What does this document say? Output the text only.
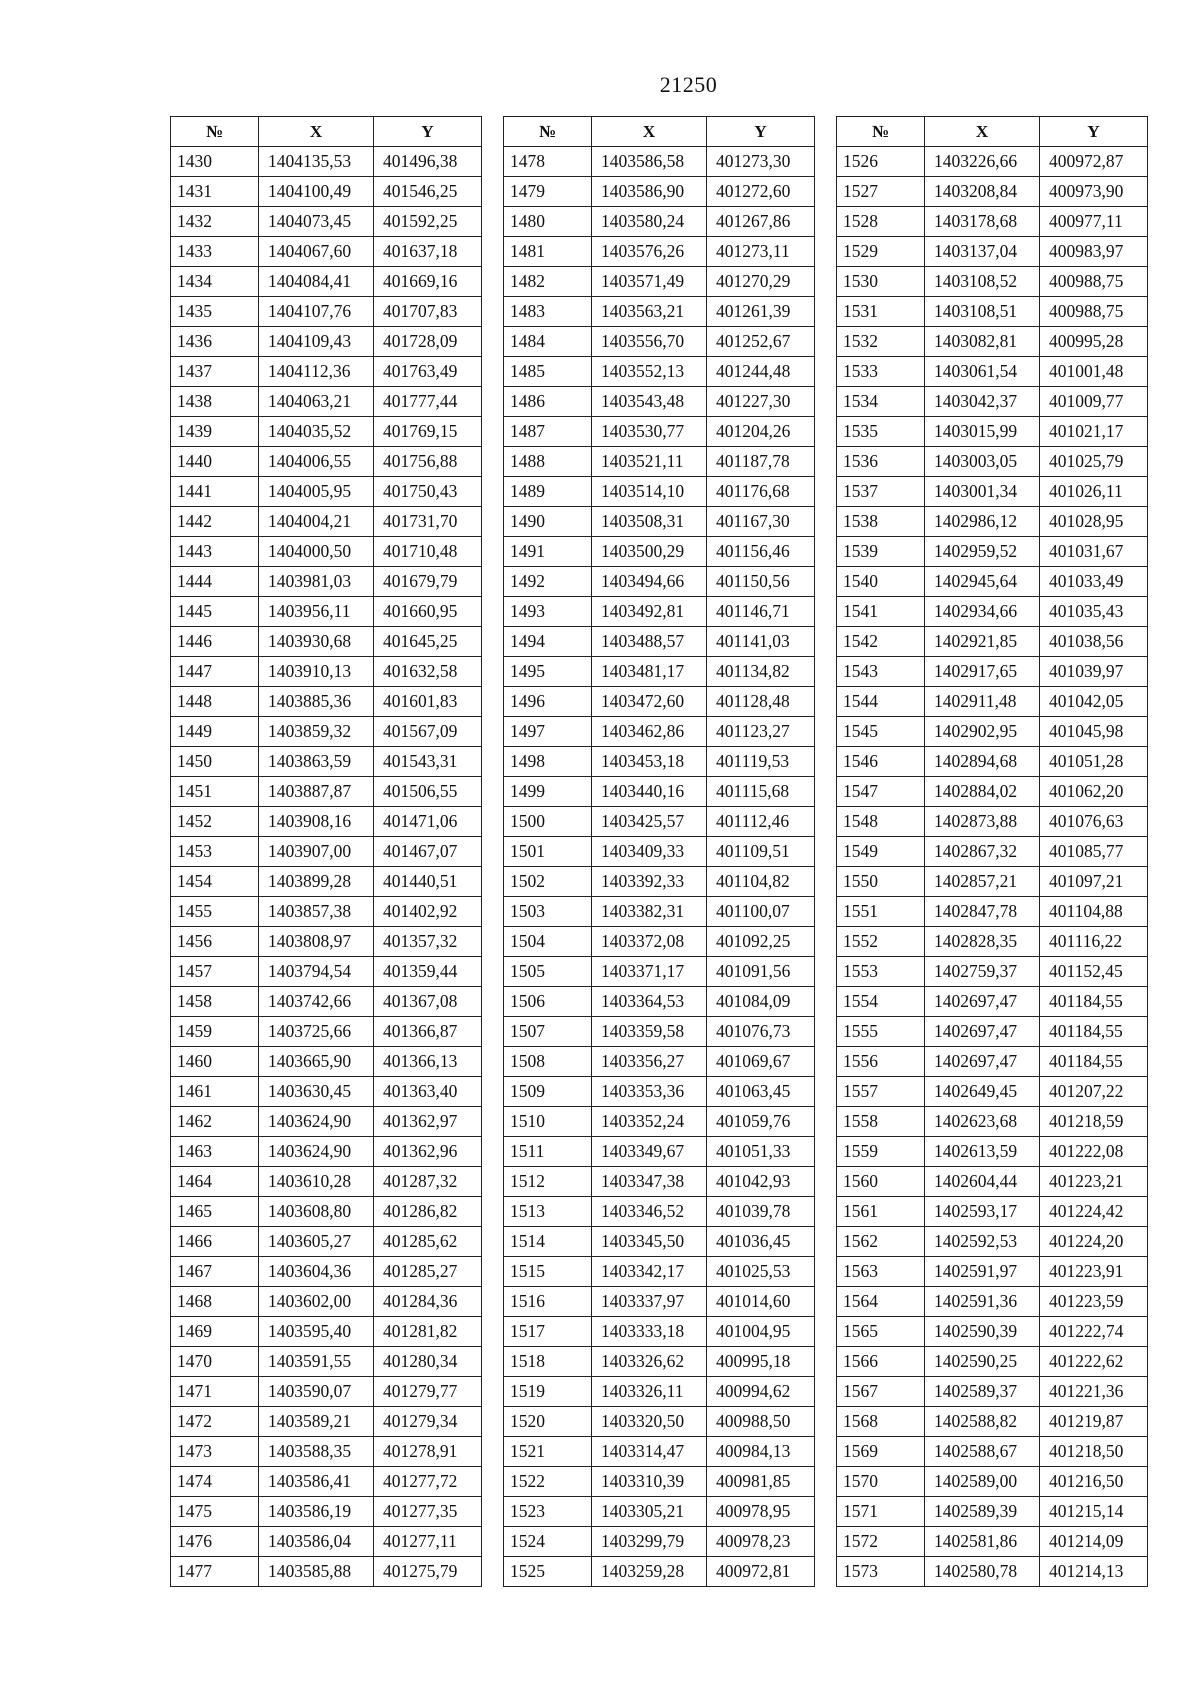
21250
№	X	Y
1430	1404135,53	401496,38
1431	1404100,49	401546,25
1432	1404073,45	401592,25
1433	1404067,60	401637,18
1434	1404084,41	401669,16
1435	1404107,76	401707,83
1436	1404109,43	401728,09
1437	1404112,36	401763,49
1438	1404063,21	401777,44
1439	1404035,52	401769,15
1440	1404006,55	401756,88
1441	1404005,95	401750,43
1442	1404004,21	401731,70
1443	1404000,50	401710,48
1444	1403981,03	401679,79
1445	1403956,11	401660,95
1446	1403930,68	401645,25
1447	1403910,13	401632,58
1448	1403885,36	401601,83
1449	1403859,32	401567,09
1450	1403863,59	401543,31
1451	1403887,87	401506,55
1452	1403908,16	401471,06
1453	1403907,00	401467,07
1454	1403899,28	401440,51
1455	1403857,38	401402,92
1456	1403808,97	401357,32
1457	1403794,54	401359,44
1458	1403742,66	401367,08
1459	1403725,66	401366,87
1460	1403665,90	401366,13
1461	1403630,45	401363,40
1462	1403624,90	401362,97
1463	1403624,90	401362,96
1464	1403610,28	401287,32
1465	1403608,80	401286,82
1466	1403605,27	401285,62
1467	1403604,36	401285,27
1468	1403602,00	401284,36
1469	1403595,40	401281,82
1470	1403591,55	401280,34
1471	1403590,07	401279,77
1472	1403589,21	401279,34
1473	1403588,35	401278,91
1474	1403586,41	401277,72
1475	1403586,19	401277,35
1476	1403586,04	401277,11
1477	1403585,88	401275,79
№	X	Y
1478	1403586,58	401273,30
1479	1403586,90	401272,60
1480	1403580,24	401267,86
1481	1403576,26	401273,11
1482	1403571,49	401270,29
1483	1403563,21	401261,39
1484	1403556,70	401252,67
1485	1403552,13	401244,48
1486	1403543,48	401227,30
1487	1403530,77	401204,26
1488	1403521,11	401187,78
1489	1403514,10	401176,68
1490	1403508,31	401167,30
1491	1403500,29	401156,46
1492	1403494,66	401150,56
1493	1403492,81	401146,71
1494	1403488,57	401141,03
1495	1403481,17	401134,82
1496	1403472,60	401128,48
1497	1403462,86	401123,27
1498	1403453,18	401119,53
1499	1403440,16	401115,68
1500	1403425,57	401112,46
1501	1403409,33	401109,51
1502	1403392,33	401104,82
1503	1403382,31	401100,07
1504	1403372,08	401092,25
1505	1403371,17	401091,56
1506	1403364,53	401084,09
1507	1403359,58	401076,73
1508	1403356,27	401069,67
1509	1403353,36	401063,45
1510	1403352,24	401059,76
1511	1403349,67	401051,33
1512	1403347,38	401042,93
1513	1403346,52	401039,78
1514	1403345,50	401036,45
1515	1403342,17	401025,53
1516	1403337,97	401014,60
1517	1403333,18	401004,95
1518	1403326,62	400995,18
1519	1403326,11	400994,62
1520	1403320,50	400988,50
1521	1403314,47	400984,13
1522	1403310,39	400981,85
1523	1403305,21	400978,95
1524	1403299,79	400978,23
1525	1403259,28	400972,81
№	X	Y
1526	1403226,66	400972,87
1527	1403208,84	400973,90
1528	1403178,68	400977,11
1529	1403137,04	400983,97
1530	1403108,52	400988,75
1531	1403108,51	400988,75
1532	1403082,81	400995,28
1533	1403061,54	401001,48
1534	1403042,37	401009,77
1535	1403015,99	401021,17
1536	1403003,05	401025,79
1537	1403001,34	401026,11
1538	1402986,12	401028,95
1539	1402959,52	401031,67
1540	1402945,64	401033,49
1541	1402934,66	401035,43
1542	1402921,85	401038,56
1543	1402917,65	401039,97
1544	1402911,48	401042,05
1545	1402902,95	401045,98
1546	1402894,68	401051,28
1547	1402884,02	401062,20
1548	1402873,88	401076,63
1549	1402867,32	401085,77
1550	1402857,21	401097,21
1551	1402847,78	401104,88
1552	1402828,35	401116,22
1553	1402759,37	401152,45
1554	1402697,47	401184,55
1555	1402697,47	401184,55
1556	1402697,47	401184,55
1557	1402649,45	401207,22
1558	1402623,68	401218,59
1559	1402613,59	401222,08
1560	1402604,44	401223,21
1561	1402593,17	401224,42
1562	1402592,53	401224,20
1563	1402591,97	401223,91
1564	1402591,36	401223,59
1565	1402590,39	401222,74
1566	1402590,25	401222,62
1567	1402589,37	401221,36
1568	1402588,82	401219,87
1569	1402588,67	401218,50
1570	1402589,00	401216,50
1571	1402589,39	401215,14
1572	1402581,86	401214,09
1573	1402580,78	401214,13
